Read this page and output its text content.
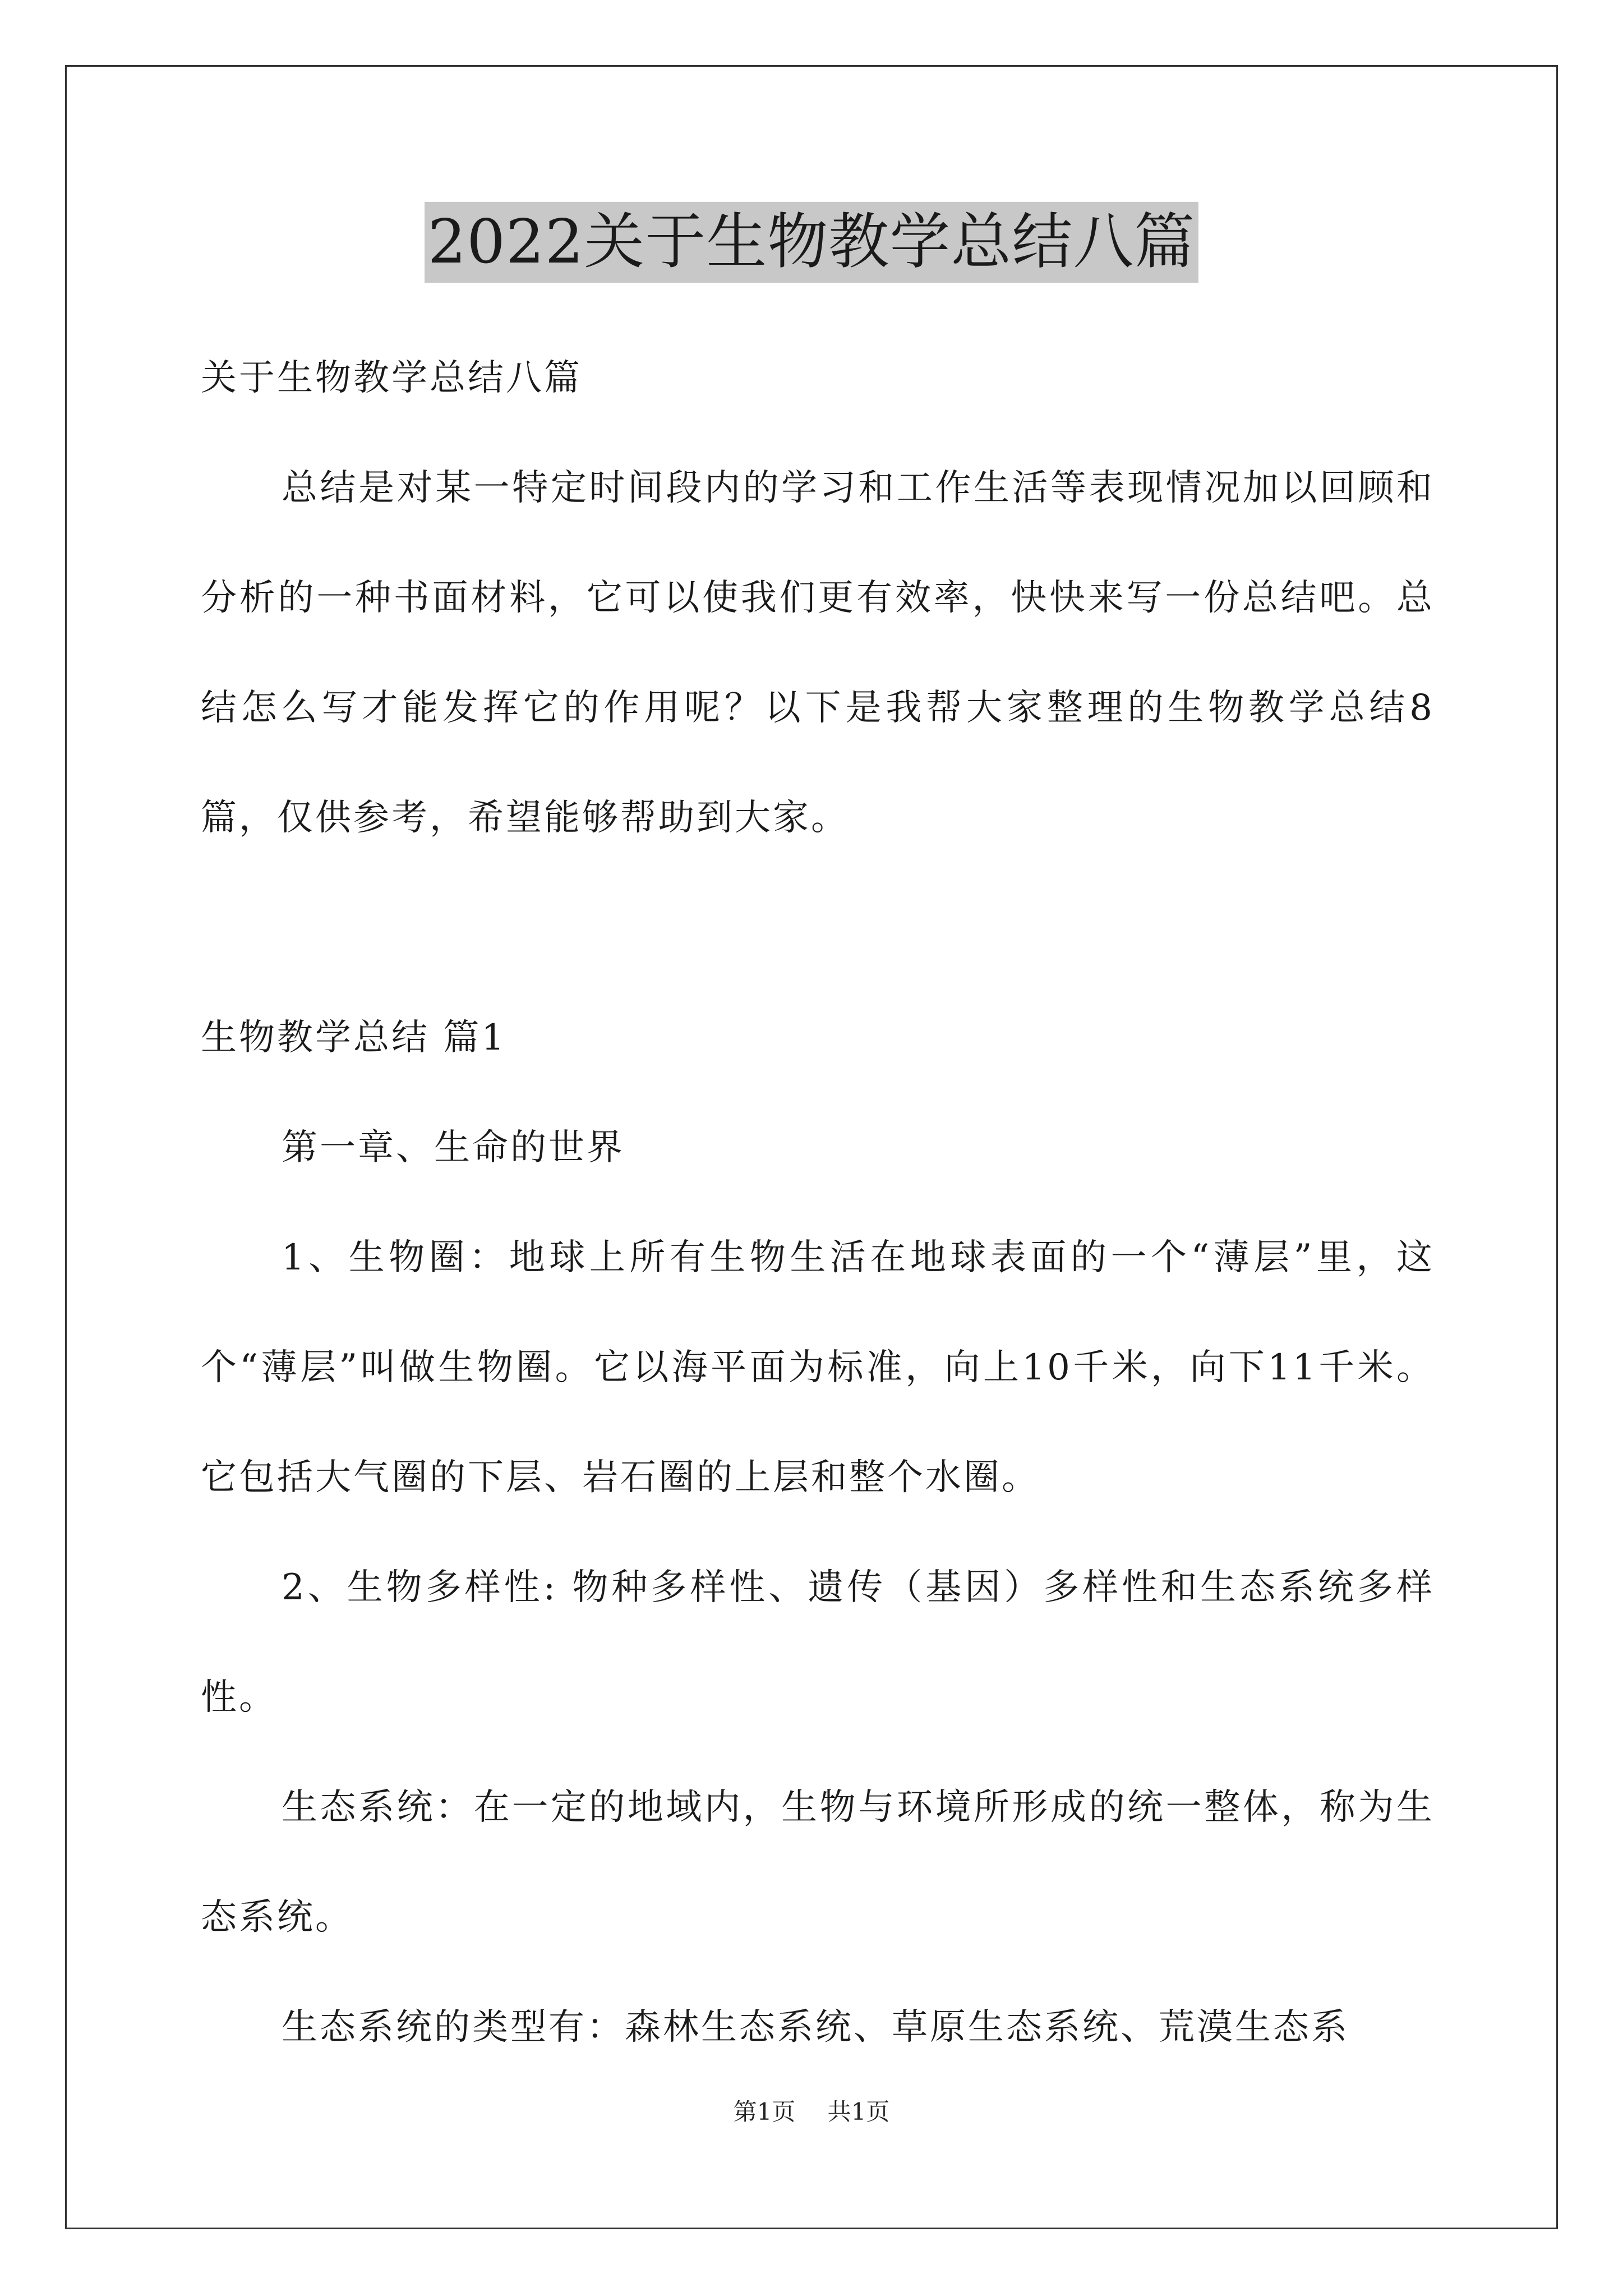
2022关于生物教学总结八篇

关于生物教学总结八篇

总结是对某一特定时间段内的学习和工作生活等表现情况加以回顾和分析的一种书面材料，它可以使我们更有效率，快快来写一份总结吧。总结怎么写才能发挥它的作用呢？以下是我帮大家整理的生物教学总结8篇，仅供参考，希望能够帮助到大家。

生物教学总结 篇1

第一章、生命的世界

1、生物圈：地球上所有生物生活在地球表面的一个“薄层”里，这个“薄层”叫做生物圈。它以海平面为标准，向上10千米，向下11千米。它包括大气圈的下层、岩石圈的上层和整个水圈。

2、生物多样性: 物种多样性、遗传（基因）多样性和生态系统多样性。

生态系统：在一定的地域内，生物与环境所形成的统一整体，称为生态系统。

生态系统的类型有：森林生态系统、草原生态系统、荒漠生态系

第1页 共1页
